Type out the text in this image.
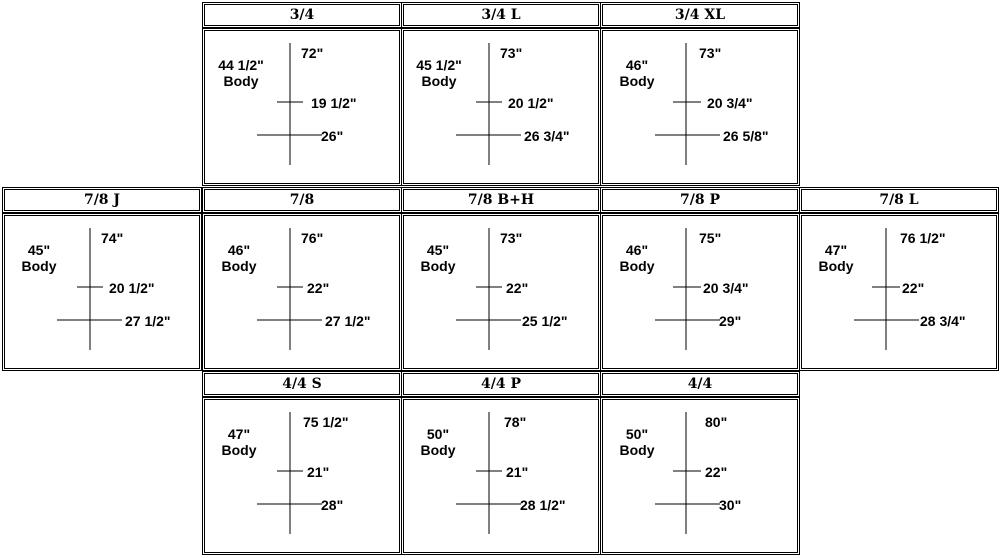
3/4
44 1/2"
Body
72"
19 1/2"
26"
3/4 L
45 1/2"
Body
73"
20 1/2"
26 3/4"
3/4 XL
46"
Body
73"
20 3/4"
26 5/8"
7/8 J
45"
Body
74"
20 1/2"
27 1/2"
7/8
46"
Body
76"
22"
27 1/2"
7/8 B+H
45"
Body
73"
22"
25 1/2"
7/8 P
46"
Body
75"
20 3/4"
29"
7/8 L
47"
Body
76 1/2"
22"
28 3/4"
4/4 S
47"
Body
75 1/2"
21"
28"
4/4 P
50"
Body
78"
21"
28 1/2"
4/4
50"
Body
80"
22"
30"
